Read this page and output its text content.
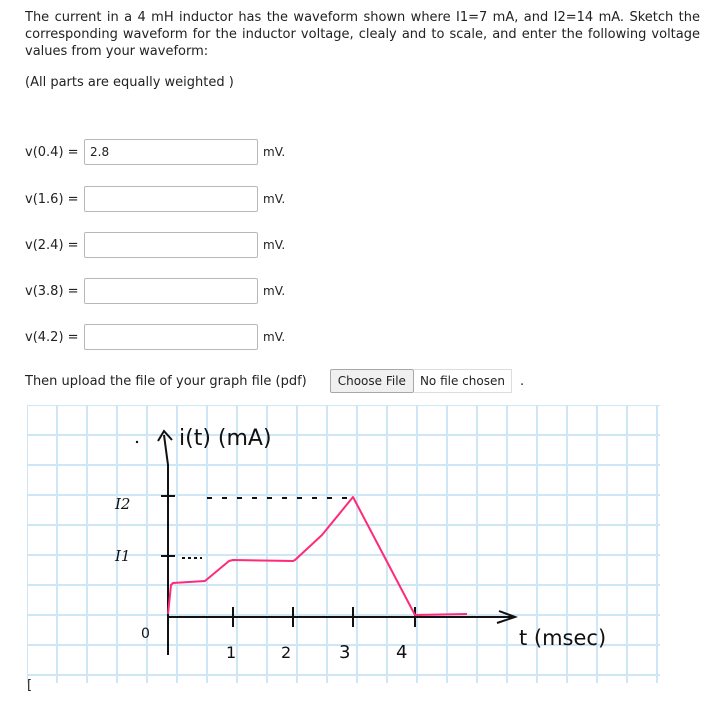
The current in a 4 mH inductor has the waveform shown where I1=7 mA, and I2=14 mA. Sketch the corresponding waveform for the inductor voltage, clealy and to scale, and enter the following voltage values from your waveform:
(All parts are equally weighted )
v(0.4) =
2.8	mV.
v(1.6) =	mV.
v(2.4) =	mV.
v(3.8) =	mV.
v(4.2) =	mV.
Then upload the file of your graph file (pdf)	Choose File	No file chosen	.
i(t) (mA)
I2
I1
0
1	2	3	4
t (msec)
[
